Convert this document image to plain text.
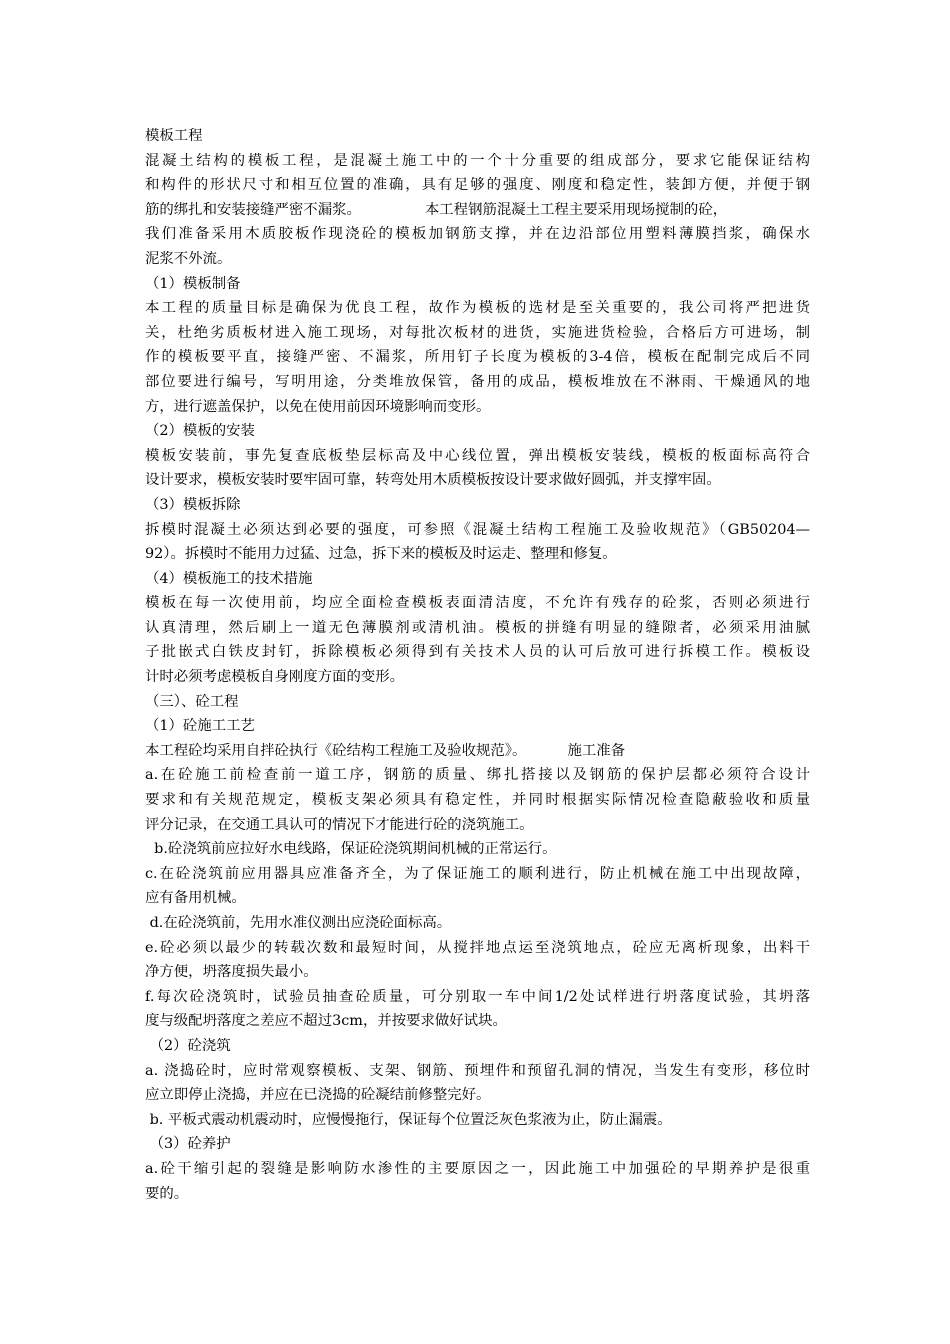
模板工程
混凝土结构的模板工程，是混凝土施工中的一个十分重要的组成部分，要求它能保证结构
和构件的形状尺寸和相互位置的准确，具有足够的强度、刚度和稳定性，装卸方便，并便于钢
筋的绑扎和安装接缝严密不漏浆。              本工程钢筋混凝土工程主要采用现场搅制的砼，
我们准备采用木质胶板作现浇砼的模板加钢筋支撑，并在边沿部位用塑料薄膜挡浆，确保水
泥浆不外流。
（1）模板制备
本工程的质量目标是确保为优良工程，故作为模板的选材是至关重要的，我公司将严把进货
关，杜绝劣质板材进入施工现场，对每批次板材的进货，实施进货检验，合格后方可进场，制
作的模板要平直，接缝严密、不漏浆，所用钉子长度为模板的3-4倍，模板在配制完成后不同
部位要进行编号，写明用途，分类堆放保管，备用的成品，模板堆放在不淋雨、干燥通风的地
方，进行遮盖保护，以免在使用前因环境影响而变形。
（2）模板的安装
模板安装前，事先复查底板垫层标高及中心线位置，弹出模板安装线，模板的板面标高符合
设计要求，模板安装时要牢固可靠，转弯处用木质模板按设计要求做好圆弧，并支撑牢固。
（3）模板拆除
拆模时混凝土必须达到必要的强度，可参照《混凝土结构工程施工及验收规范》（GB50204—
92）。拆模时不能用力过猛、过急，拆下来的模板及时运走、整理和修复。
（4）模板施工的技术措施
模板在每一次使用前，均应全面检查模板表面清洁度，不允许有残存的砼浆，否则必须进行
认真清理，然后刷上一道无色薄膜剂或清机油。模板的拼缝有明显的缝隙者，必须采用油腻
子批嵌式白铁皮封钉，拆除模板必须得到有关技术人员的认可后放可进行拆模工作。模板设
计时必须考虑模板自身刚度方面的变形。
（三）、砼工程
（1）砼施工工艺
本工程砼均采用自拌砼执行《砼结构工程施工及验收规范》。         施工准备
a.在砼施工前检查前一道工序，钢筋的质量、绑扎搭接以及钢筋的保护层都必须符合设计
要求和有关规范规定，模板支架必须具有稳定性，并同时根据实际情况检查隐蔽验收和质量
评分记录，在交通工具认可的情况下才能进行砼的浇筑施工。
b.砼浇筑前应拉好水电线路，保证砼浇筑期间机械的正常运行。
c.在砼浇筑前应用器具应准备齐全，为了保证施工的顺利进行，防止机械在施工中出现故障，
应有备用机械。
d.在砼浇筑前，先用水准仪测出应浇砼面标高。
e.砼必须以最少的转载次数和最短时间，从搅拌地点运至浇筑地点，砼应无离析现象，出料干
净方便，坍落度损失最小。
f.每次砼浇筑时，试验员抽查砼质量，可分别取一车中间1/2处试样进行坍落度试验，其坍落
度与级配坍落度之差应不超过3cm，并按要求做好试块。
（2）砼浇筑
a. 浇捣砼时，应时常观察模板、支架、钢筋、预埋件和预留孔洞的情况，当发生有变形，移位时
应立即停止浇捣，并应在已浇捣的砼凝结前修整完好。
b. 平板式震动机震动时，应慢慢拖行，保证每个位置泛灰色浆液为止，防止漏震。
（3）砼养护
a.砼干缩引起的裂缝是影响防水渗性的主要原因之一，因此施工中加强砼的早期养护是很重
要的。
